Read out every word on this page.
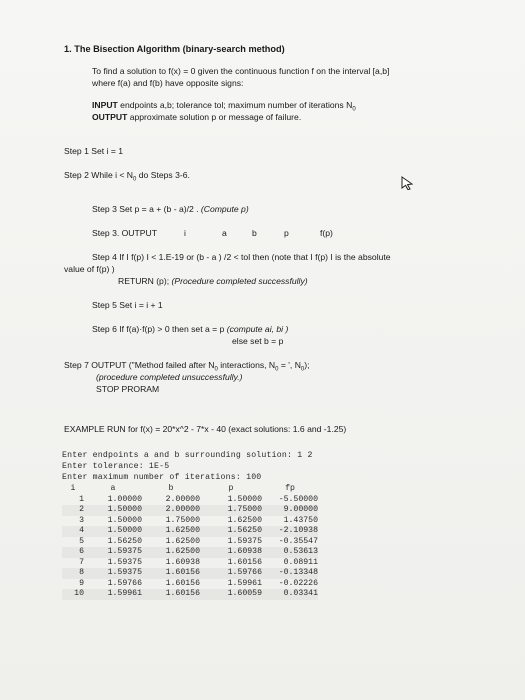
1. The Bisection Algorithm (binary-search method)
To find a solution to f(x) = 0 given the continuous function f on the interval [a,b]
where f(a) and f(b) have opposite signs:
INPUT endpoints a,b; tolerance tol; maximum number of iterations $N_0$
OUTPUT approximate solution p or message of failure.
Step 1 Set i = 1
Step 2 While $i < N_0$ do Steps 3-6.
Step 3 Set p = a + (b - a)/2 . (Compute p)
Step 3. OUTPUT	i	a	b	p	f(p)
Step 4 If I f(p) I < 1.E-19 or (b - a ) /2 < tol then (note that I f(p) I is the absolute
value of f(p) )
RETURN (p); (Procedure completed successfully)
Step 5 Set i = i + 1
Step 6 If f(a)·f(p) > 0 then set a = p (compute ai, bi )
else set b = p
Step 7 OUTPUT ("Method failed after $N_0$ interactions, $N_0$ = ', $N_0$);
(procedure completed unsuccessfully.)
STOP PRORAM
EXAMPLE RUN for f(x) = 20*x^2 - 7*x - 40 (exact solutions: 1.6 and -1.25)
Enter endpoints a and b surrounding solution: 1 2
Enter tolerance: 1E-5
Enter maximum number of iterations: 100
i	a	b	p	fp
1	1.00000	2.00000	1.50000	-5.50000
2	1.50000	2.00000	1.75000	9.00000
3	1.50000	1.75000	1.62500	1.43750
4	1.50000	1.62500	1.56250	-2.10938
5	1.56250	1.62500	1.59375	-0.35547
6	1.59375	1.62500	1.60938	0.53613
7	1.59375	1.60938	1.60156	0.08911
8	1.59375	1.60156	1.59766	-0.13348
9	1.59766	1.60156	1.59961	-0.02226
10	1.59961	1.60156	1.60059	0.03341
